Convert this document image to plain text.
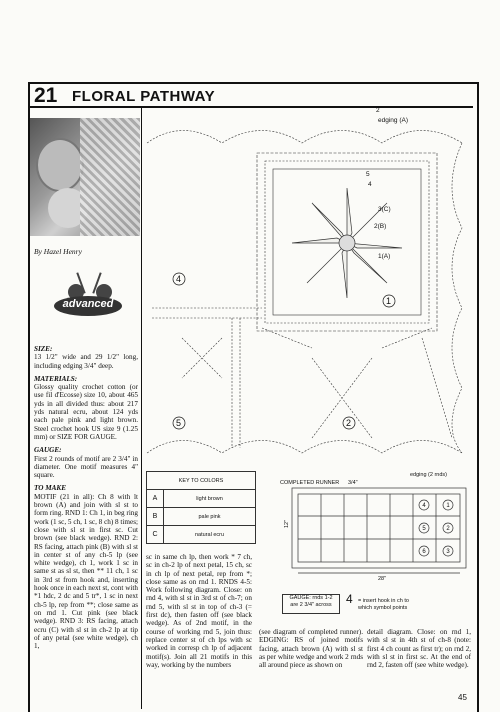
21 FLORAL PATHWAY
By Hazel Henry
advanced

SIZE:
13 1/2" wide and 29 1/2" long, including edging 3/4" deep.

MATERIALS:
Glossy quality crochet cotton (or use fil d'Ecosse) size 10, about 465 yds in all divided thus: about 217 yds natural ecru, about 124 yds each pale pink and light brown. Steel crochet hook US size 9 (1.25 mm) or SIZE FOR GAUGE.

GAUGE:
First 2 rounds of motif are 2 3/4" in diameter. One motif measures 4" square.

TO MAKE
MOTIF (21 in all): Ch 8 with lt brown (A) and join with sl st to form ring. RND 1: Ch 1, in beg ring work (1 sc, 5 ch, 1 sc, 8 ch) 8 times; close with sl st in first sc. Cut brown (see black wedge). RND 2: RS facing, attach pink (B) with sl st in center st of any ch-5 lp (see white wedge), ch 1, work 1 sc in same st as sl st, then ** 11 ch, 1 sc in 3rd st from hook and, inserting hook once in each next st, cont with *1 hdc, 2 dc and 5 tr*, 1 sc in next ch-5 lp, rep from **; close same as on rnd 1. Cut pink (see black wedge). RND 3: RS facing, attach ecru (C) with sl st in ch-2 lp at tip of any petal (see white wedge), ch 1,

edging (A)
3(C)
2(B)
1(A)
1
2
4
5
5
4
2
KEY TO COLORS	
A	light brown
B	pale pink
C	natural ecru
COMPLETED RUNNER 3/4"
edging (2 rnds)
12"
28"
4	1
5	2
6	3
GAUGE: rnds 1-2
are 2 3/4" across	4 = insert hook in ch to
which symbol points
sc in same ch lp, then work * 7 ch, sc in ch-2 lp of next petal, 15 ch, sc in ch lp of next petal, rep from *; close same as on rnd 1. RNDS 4-5: Work following diagram. Close: on rnd 4, with sl st in 3rd st of ch-7; on rnd 5, with sl st in top of ch-3 (= first dc), then fasten off (see black wedge). As of 2nd motif, in the course of working rnd 5, join thus: replace center st of ch lps with sc worked in corresp ch lp of adjacent motif(s). Join all 21 motifs in this way, working by the numbers
(see diagram of completed runner). EDGING: RS of joined motifs facing, attach brown (A) with sl st as per white wedge and work 2 rnds all around piece as shown on
detail diagram. Close: on rnd 1, with sl st in 4th st of ch-8 (note: first 4 ch count as first tr); on rnd 2, with sl st in first sc. At the end of rnd 2, fasten off (see white wedge).
45
